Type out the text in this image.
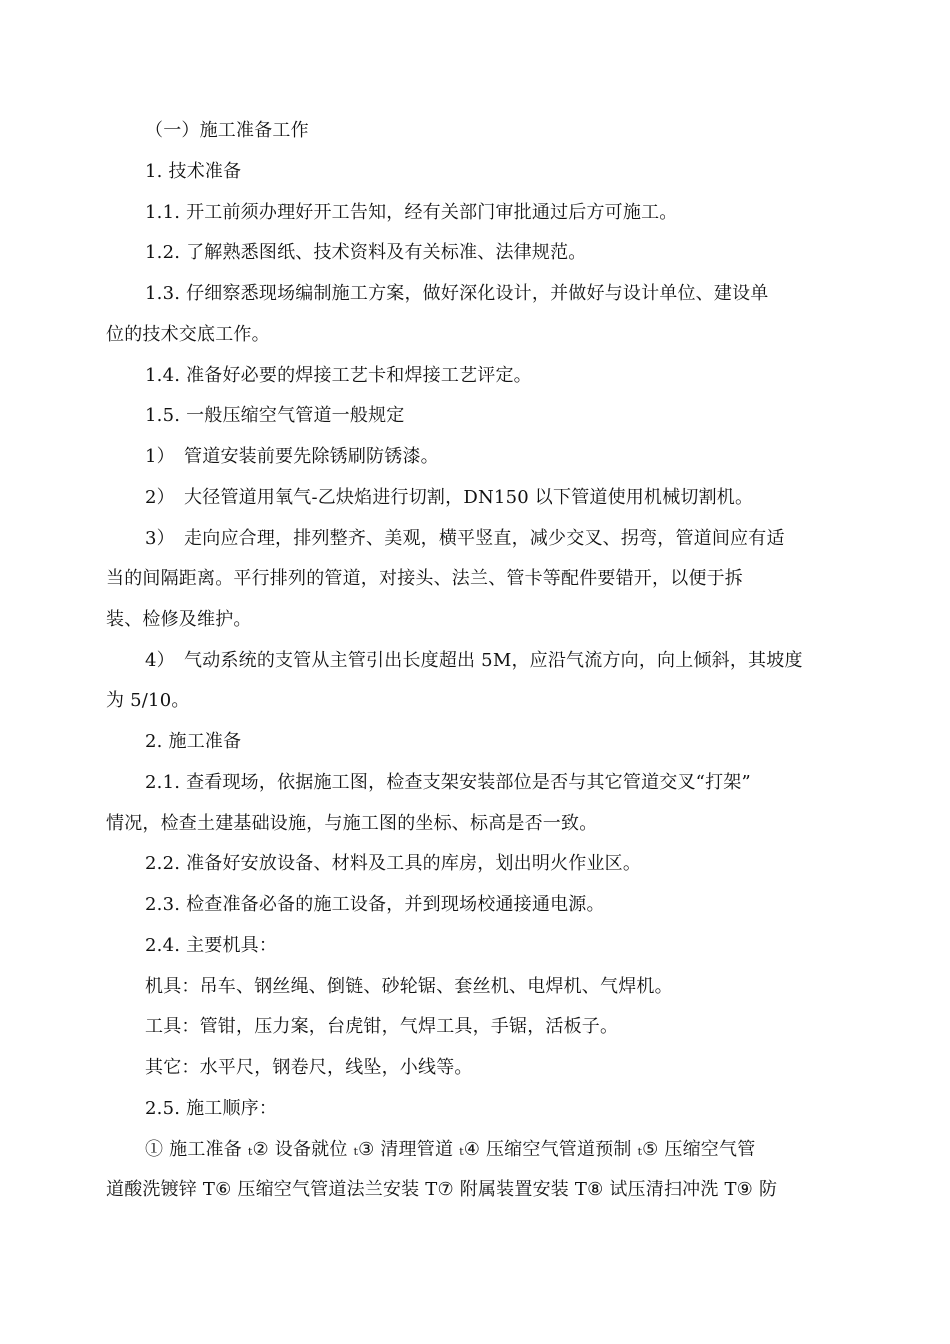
（一）施工准备工作
1. 技术准备
1.1. 开工前须办理好开工告知，经有关部门审批通过后方可施工。
1.2. 了解熟悉图纸、技术资料及有关标准、法律规范。
1.3. 仔细察悉现场编制施工方案，做好深化设计，并做好与设计单位、建设单
位的技术交底工作。
1.4. 准备好必要的焊接工艺卡和焊接工艺评定。
1.5. 一般压缩空气管道一般规定
1）　管道安装前要先除锈刷防锈漆。
2）　大径管道用氧气-乙炔焰进行切割，DN150 以下管道使用机械切割机。
3）　走向应合理，排列整齐、美观，横平竖直，减少交叉、拐弯，管道间应有适
当的间隔距离。平行排列的管道，对接头、法兰、管卡等配件要错开，以便于拆
装、检修及维护。
4）　气动系统的支管从主管引出长度超出 5M，应沿气流方向，向上倾斜，其坡度
为 5/10。
2. 施工准备
2.1. 查看现场，依据施工图，检查支架安装部位是否与其它管道交叉“打架”
情况，检查土建基础设施，与施工图的坐标、标高是否一致。
2.2. 准备好安放设备、材料及工具的库房，划出明火作业区。
2.3. 检查准备必备的施工设备，并到现场校通接通电源。
2.4. 主要机具：
机具：吊车、钢丝绳、倒链、砂轮锯、套丝机、电焊机、气焊机。
工具：管钳，压力案，台虎钳，气焊工具，手锯，活板子。
其它：水平尺，钢卷尺，线坠，小线等。
2.5. 施工顺序：
① 施工准备 ₜ② 设备就位 ₜ③ 清理管道 ₜ④ 压缩空气管道预制 ₜ⑤ 压缩空气管
道酸洗镀锌 T⑥ 压缩空气管道法兰安装 T⑦ 附属装置安装 T⑧ 试压清扫冲洗 T⑨ 防
